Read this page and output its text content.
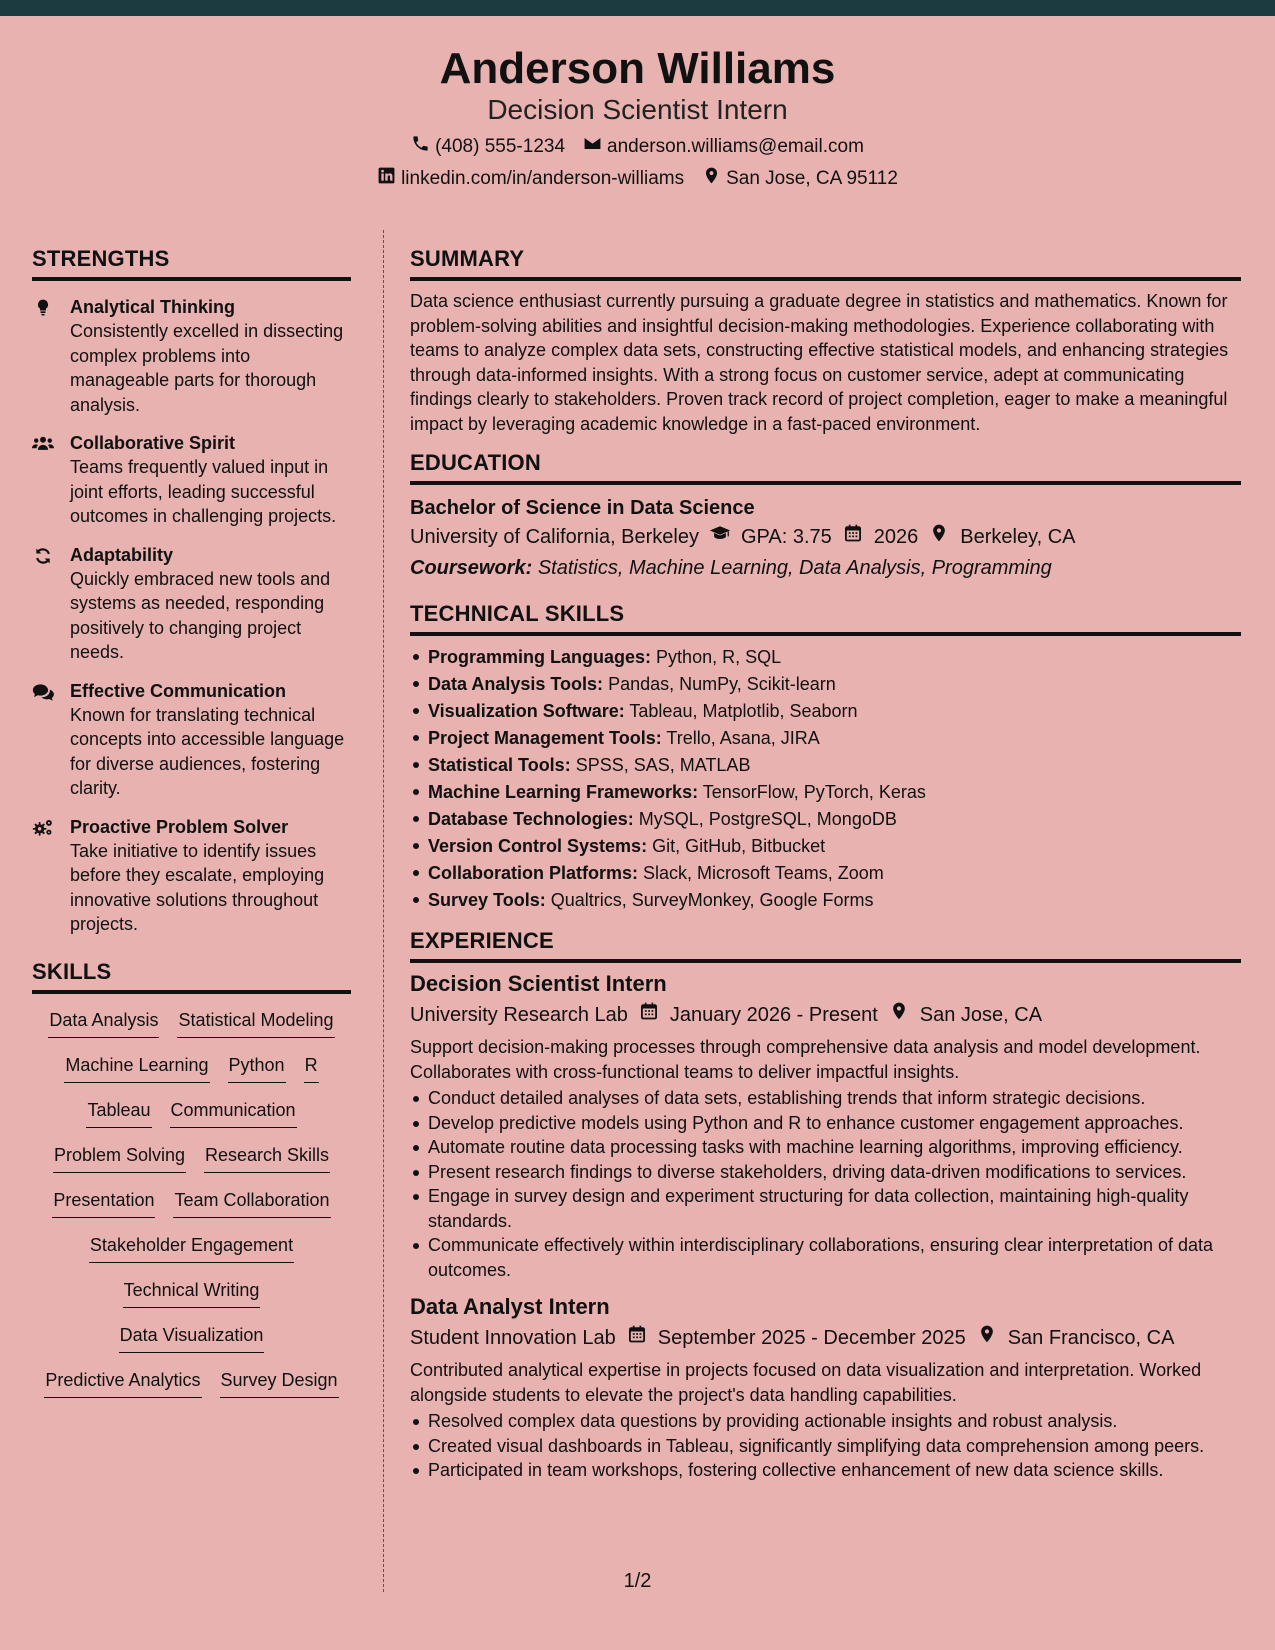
Anderson Williams
Decision Scientist Intern
(408) 555-1234 anderson.williams@email.com
linkedin.com/in/anderson-williams San Jose, CA 95112
STRENGTHS
Analytical Thinking
Consistently excelled in dissecting complex problems into manageable parts for thorough analysis.
Collaborative Spirit
Teams frequently valued input in joint efforts, leading successful outcomes in challenging projects.
Adaptability
Quickly embraced new tools and systems as needed, responding positively to changing project needs.
Effective Communication
Known for translating technical concepts into accessible language for diverse audiences, fostering clarity.
Proactive Problem Solver
Take initiative to identify issues before they escalate, employing innovative solutions throughout projects.
SKILLS
Data Analysis Statistical Modeling
Machine Learning Python R
Tableau Communication
Problem Solving Research Skills
Presentation Team Collaboration
Stakeholder Engagement
Technical Writing
Data Visualization
Predictive Analytics Survey Design
SUMMARY
Data science enthusiast currently pursuing a graduate degree in statistics and mathematics. Known for problem-solving abilities and insightful decision-making methodologies. Experience collaborating with teams to analyze complex data sets, constructing effective statistical models, and enhancing strategies through data-informed insights. With a strong focus on customer service, adept at communicating findings clearly to stakeholders. Proven track record of project completion, eager to make a meaningful impact by leveraging academic knowledge in a fast-paced environment.
EDUCATION
Bachelor of Science in Data Science
University of California, Berkeley GPA: 3.75 2026 Berkeley, CA
Coursework: Statistics, Machine Learning, Data Analysis, Programming
TECHNICAL SKILLS
Programming Languages: Python, R, SQL
Data Analysis Tools: Pandas, NumPy, Scikit-learn
Visualization Software: Tableau, Matplotlib, Seaborn
Project Management Tools: Trello, Asana, JIRA
Statistical Tools: SPSS, SAS, MATLAB
Machine Learning Frameworks: TensorFlow, PyTorch, Keras
Database Technologies: MySQL, PostgreSQL, MongoDB
Version Control Systems: Git, GitHub, Bitbucket
Collaboration Platforms: Slack, Microsoft Teams, Zoom
Survey Tools: Qualtrics, SurveyMonkey, Google Forms
EXPERIENCE
Decision Scientist Intern
University Research Lab January 2026 - Present San Jose, CA
Support decision-making processes through comprehensive data analysis and model development. Collaborates with cross-functional teams to deliver impactful insights.
Conduct detailed analyses of data sets, establishing trends that inform strategic decisions.
Develop predictive models using Python and R to enhance customer engagement approaches.
Automate routine data processing tasks with machine learning algorithms, improving efficiency.
Present research findings to diverse stakeholders, driving data-driven modifications to services.
Engage in survey design and experiment structuring for data collection, maintaining high-quality standards.
Communicate effectively within interdisciplinary collaborations, ensuring clear interpretation of data outcomes.
Data Analyst Intern
Student Innovation Lab September 2025 - December 2025 San Francisco, CA
Contributed analytical expertise in projects focused on data visualization and interpretation. Worked alongside students to elevate the project's data handling capabilities.
Resolved complex data questions by providing actionable insights and robust analysis.
Created visual dashboards in Tableau, significantly simplifying data comprehension among peers.
Participated in team workshops, fostering collective enhancement of new data science skills.
1/2
